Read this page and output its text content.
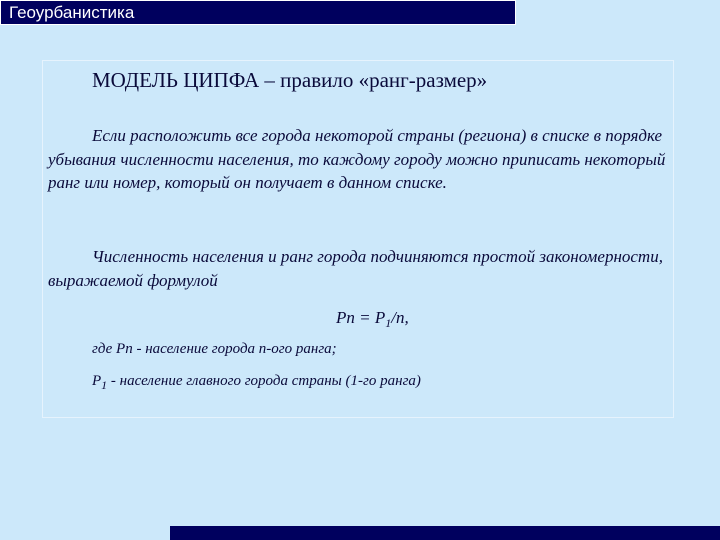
Геоурбанистика
МОДЕЛЬ ЦИПФА – правило «ранг-размер»

Если расположить все города некоторой страны (региона) в списке в порядке убывания численности населения, то каждому городу можно приписать некоторый ранг или номер, который он получает в данном списке.

Численность населения и ранг города подчиняются простой закономерности, выражаемой формулой

$Pn = P_1/n$,
где Pn - население города n-ого ранга;
$P_1$ - население главного города страны (1-го ранга)
